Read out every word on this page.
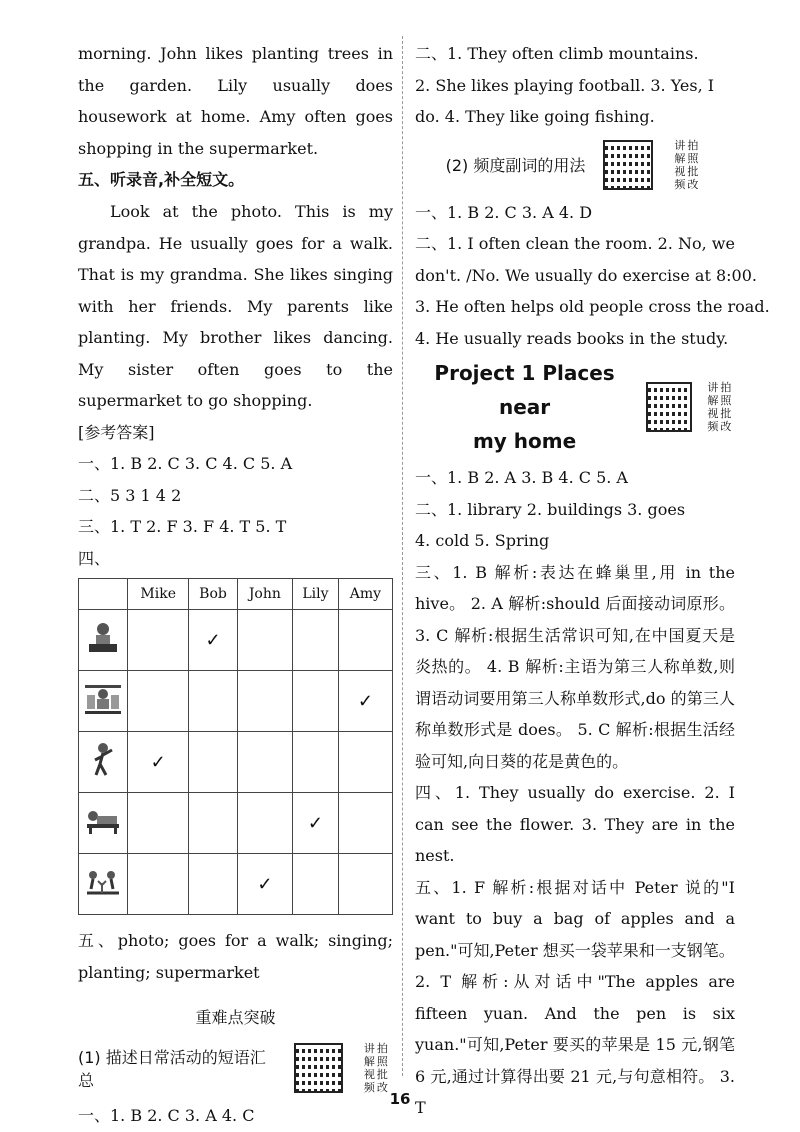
morning. John likes planting trees in the garden. Lily usually does housework at home. Amy often goes shopping in the supermarket.
五、听录音,补全短文。
Look at the photo. This is my grandpa. He usually goes for a walk. That is my grandma. She likes singing with her friends. My parents like planting. My brother likes dancing. My sister often goes to the supermarket to go shopping.
[参考答案]
一、1. B 2. C 3. C 4. C 5. A
二、5 3 1 4 2
三、1. T 2. F 3. F 4. T 5. T
四、
	Mike	Bob	John	Lily	Amy
		✓			
					✓
	✓				
				✓	
			✓		
五、photo; goes for a walk; singing; planting; supermarket
重难点突破
(1) 描述日常活动的短语汇总
讲拍解照视批频改
一、1. B 2. C 3. A 4. C
二、1. They often climb mountains.
2. She likes playing football. 3. Yes, I
do. 4. They like going fishing.
(2) 频度副词的用法
讲拍解照视批频改
一、1. B 2. C 3. A 4. D
二、1. I often clean the room. 2. No, we
don't. /No. We usually do exercise at 8:00.
3. He often helps old people cross the road.
4. He usually reads books in the study.
Project 1 Places near
my home
讲拍解照视批频改
一、1. B 2. A 3. B 4. C 5. A
二、1. library 2. buildings 3. goes
4. cold 5. Spring
三、1. B 解析:表达在蜂巢里,用 in the hive。 2. A 解析:should 后面接动词原形。 3. C 解析:根据生活常识可知,在中国夏天是炎热的。 4. B 解析:主语为第三人称单数,则谓语动词要用第三人称单数形式,do 的第三人称单数形式是 does。 5. C 解析:根据生活经验可知,向日葵的花是黄色的。
四、1. They usually do exercise. 2. I can see the flower. 3. They are in the nest.
五、1. F 解析:根据对话中 Peter 说的"I want to buy a bag of apples and a pen."可知,Peter 想买一袋苹果和一支钢笔。
2. T 解析:从对话中"The apples are fifteen yuan. And the pen is six yuan."可知,Peter 要买的苹果是 15 元,钢笔 6 元,通过计算得出要 21 元,与句意相符。 3. T
16
